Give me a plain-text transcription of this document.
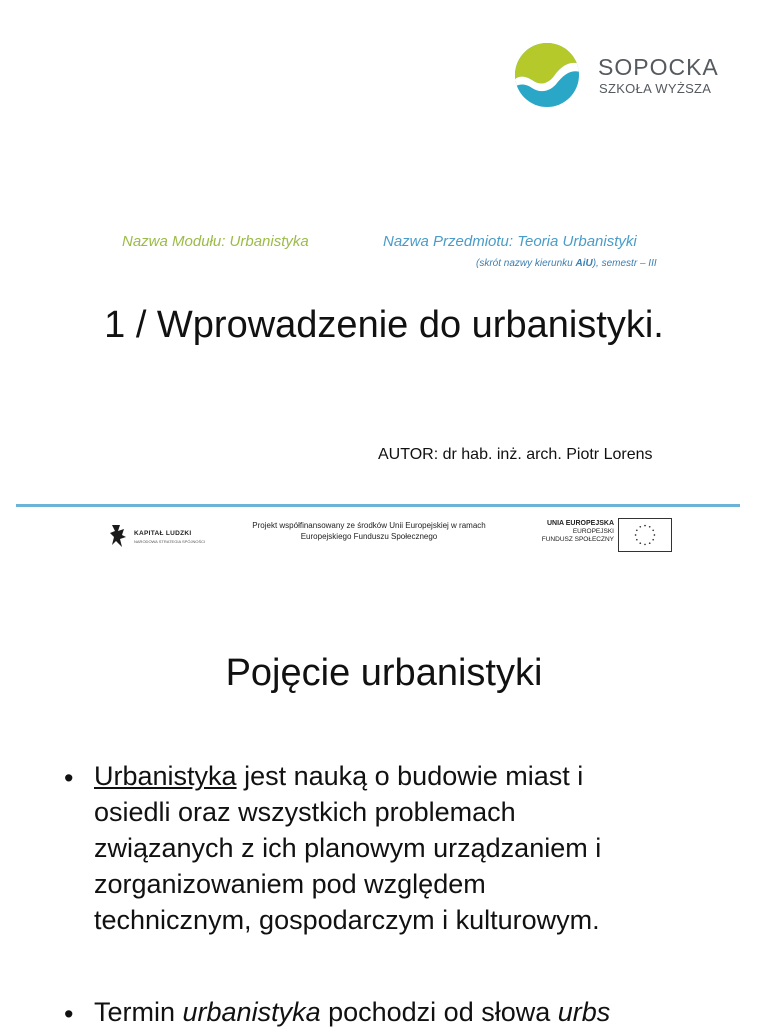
SOPOCKA
SZKOŁA WYŻSZA
Nazwa Modułu: Urbanistyka	Nazwa Przedmiotu: Teoria Urbanistyki
(skrót nazwy kierunku AiU), semestr – III
1 / Wprowadzenie do urbanistyki.
AUTOR: dr hab. inż. arch. Piotr Lorens
KAPITAŁ LUDZKI
NARODOWA STRATEGIA SPÓJNOŚCI
Projekt współfinansowany ze środków Unii Europejskiej w ramach
Europejskiego Funduszu Społecznego
UNIA EUROPEJSKA
EUROPEJSKI
FUNDUSZ SPOŁECZNY
Pojęcie urbanistyki
• Urbanistyka jest nauką o budowie miast i
osiedli oraz wszystkich problemach
związanych z ich planowym urządzaniem i
zorganizowaniem pod względem
technicznym, gospodarczym i kulturowym.
• Termin urbanistyka pochodzi od słowa urbs
